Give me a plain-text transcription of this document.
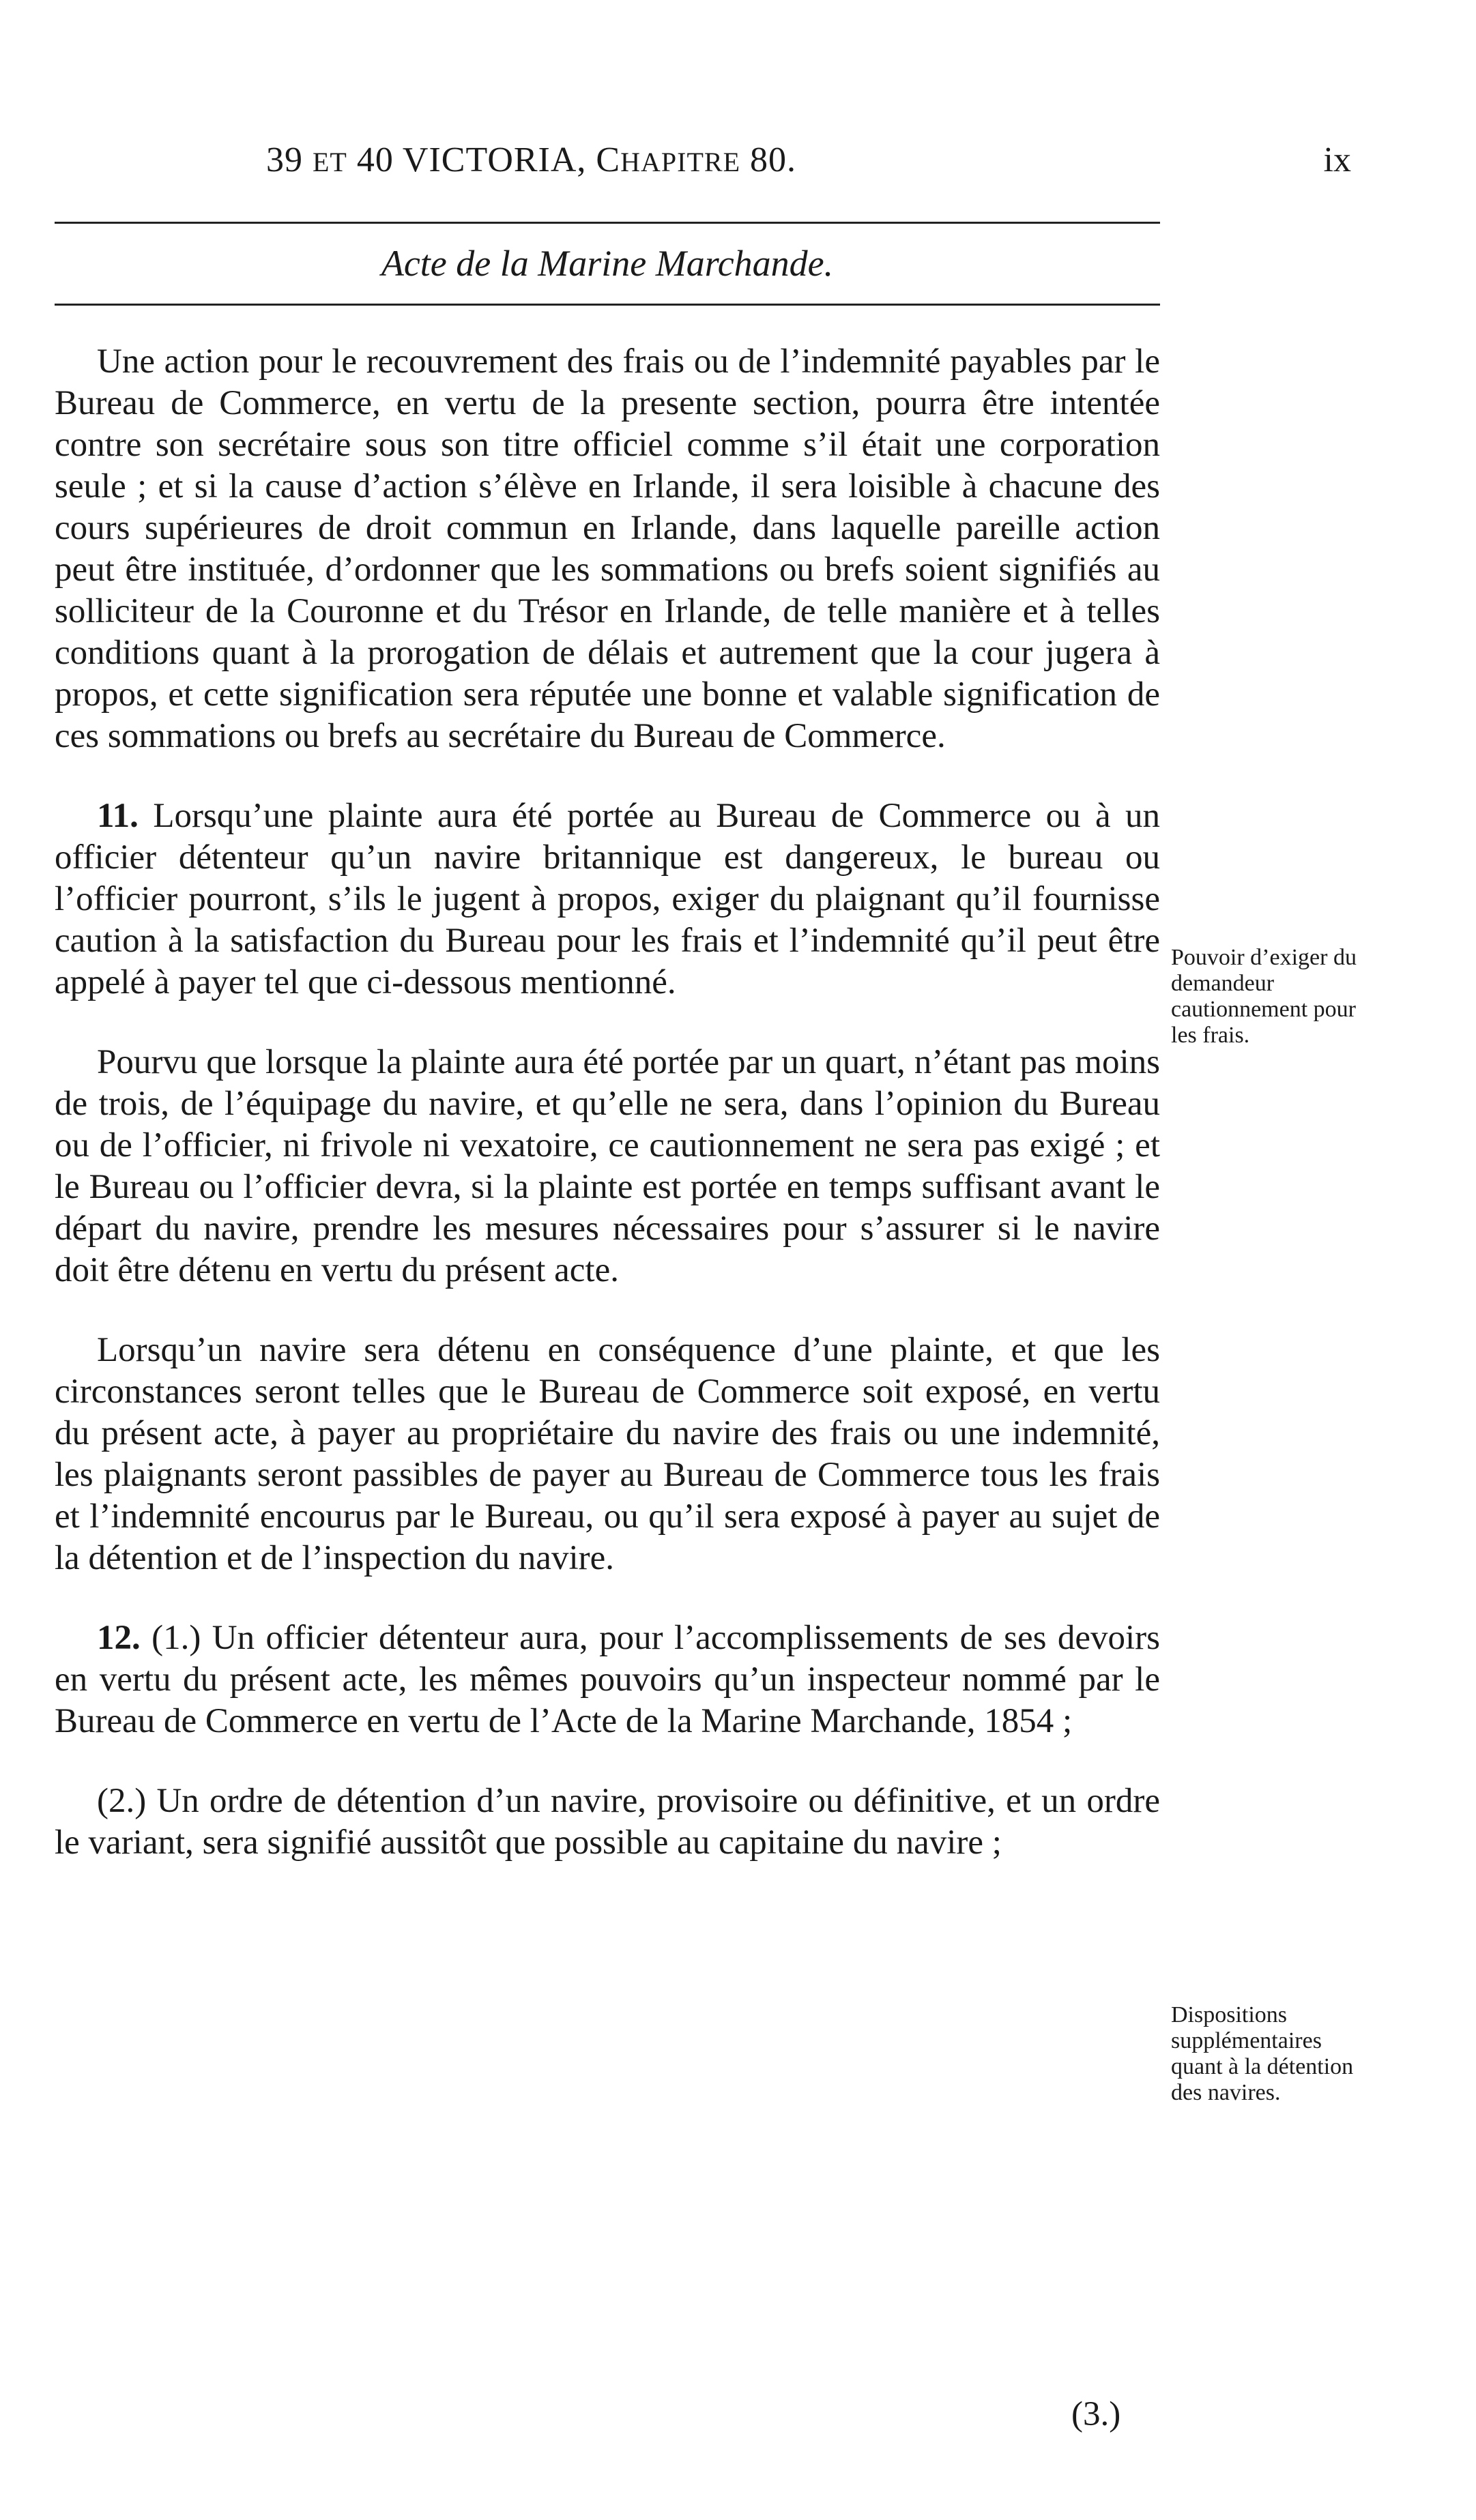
39 ET 40 VICTORIA, CHAPITRE 80.	ix
Acte de la Marine Marchande.

Une action pour le recouvrement des frais ou de l’indemnité payables par le Bureau de Commerce, en vertu de la presente section, pourra être intentée contre son secrétaire sous son titre officiel comme s’il était une corporation seule ; et si la cause d’action s’élève en Irlande, il sera loisible à chacune des cours supérieures de droit commun en Irlande, dans laquelle pareille action peut être instituée, d’ordonner que les sommations ou brefs soient signifiés au solliciteur de la Couronne et du Trésor en Irlande, de telle manière et à telles conditions quant à la prorogation de délais et autrement que la cour jugera à propos, et cette signification sera réputée une bonne et valable signification de ces sommations ou brefs au secrétaire du Bureau de Commerce.

11. Lorsqu’une plainte aura été portée au Bureau de Commerce ou à un officier détenteur qu’un navire britannique est dangereux, le bureau ou l’officier pourront, s’ils le jugent à propos, exiger du plaignant qu’il fournisse caution à la satisfaction du Bureau pour les frais et l’indemnité qu’il peut être appelé à payer tel que ci-dessous mentionné.

Pourvu que lorsque la plainte aura été portée par un quart, n’étant pas moins de trois, de l’équipage du navire, et qu’elle ne sera, dans l’opinion du Bureau ou de l’officier, ni frivole ni vexatoire, ce cautionnement ne sera pas exigé ; et le Bureau ou l’officier devra, si la plainte est portée en temps suffisant avant le départ du navire, prendre les mesures nécessaires pour s’assurer si le navire doit être détenu en vertu du présent acte.

Lorsqu’un navire sera détenu en conséquence d’une plainte, et que les circonstances seront telles que le Bureau de Commerce soit exposé, en vertu du présent acte, à payer au propriétaire du navire des frais ou une indemnité, les plaignants seront passibles de payer au Bureau de Commerce tous les frais et l’indemnité encourus par le Bureau, ou qu’il sera exposé à payer au sujet de la détention et de l’inspection du navire.

12. (1.) Un officier détenteur aura, pour l’accomplissements de ses devoirs en vertu du présent acte, les mêmes pouvoirs qu’un inspecteur nommé par le Bureau de Commerce en vertu de l’Acte de la Marine Marchande, 1854 ;

(2.) Un ordre de détention d’un navire, provisoire ou définitive, et un ordre le variant, sera signifié aussitôt que possible au capitaine du navire ;

Pouvoir d’exiger du demandeur cautionnement pour les frais.
Dispositions supplémentaires quant à la détention des navires.
(3.)
